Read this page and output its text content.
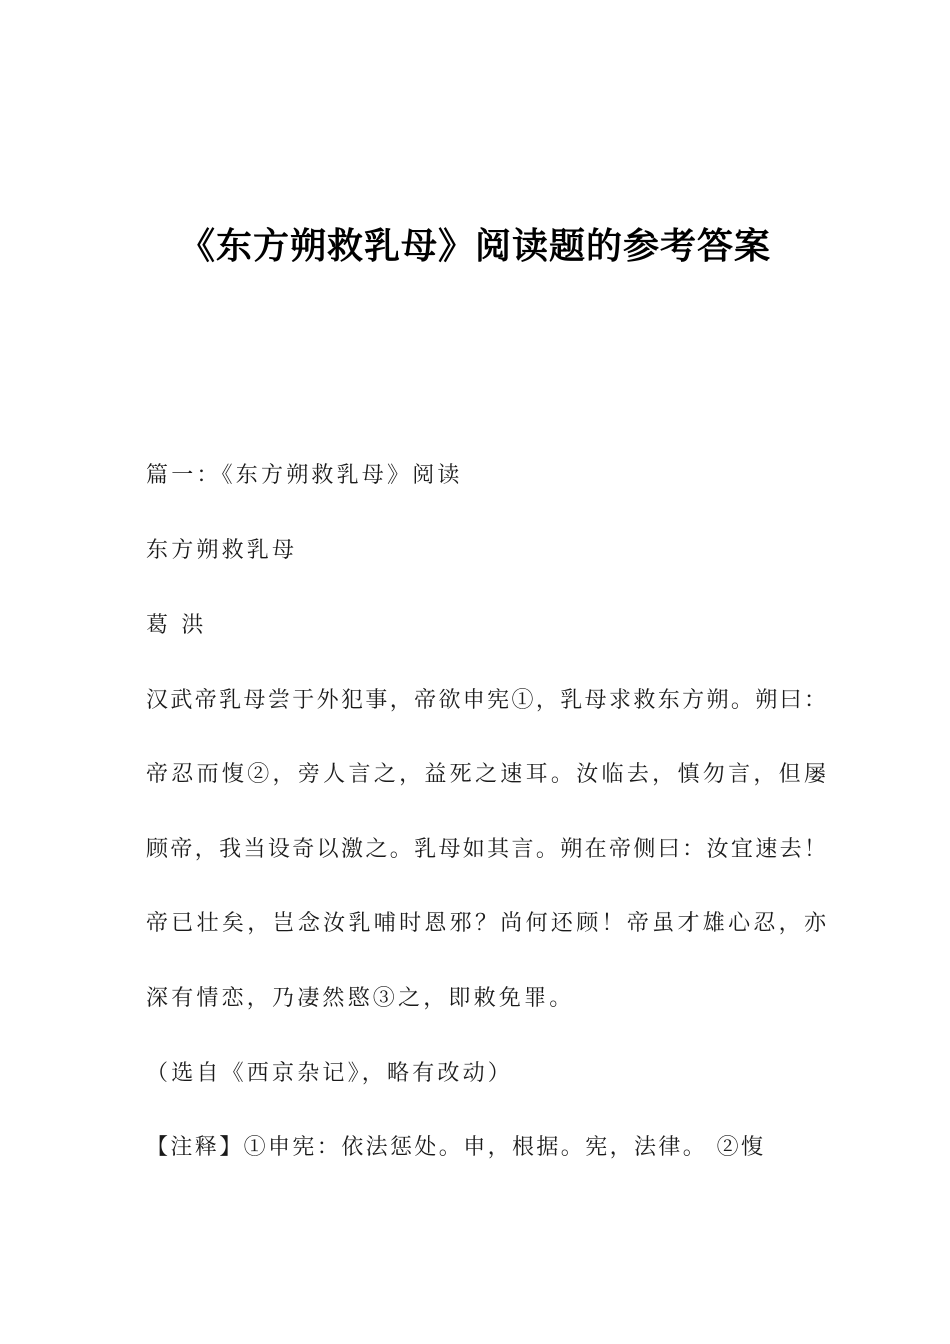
《东方朔救乳母》阅读题的参考答案
篇一：《东方朔救乳母》阅读
东方朔救乳母
葛 洪
汉武帝乳母尝于外犯事，帝欲申宪①，乳母求救东方朔。朔曰：
帝忍而愎②，旁人言之，益死之速耳。汝临去，慎勿言，但屡
顾帝，我当设奇以激之。乳母如其言。朔在帝侧曰：汝宜速去！
帝已壮矣，岂念汝乳哺时恩邪？尚何还顾！帝虽才雄心忍，亦
深有情恋，乃凄然愍③之，即敕免罪。
（选自《西京杂记》，略有改动）
【注释】①申宪：依法惩处。申，根据。宪，法律。 ②愎
